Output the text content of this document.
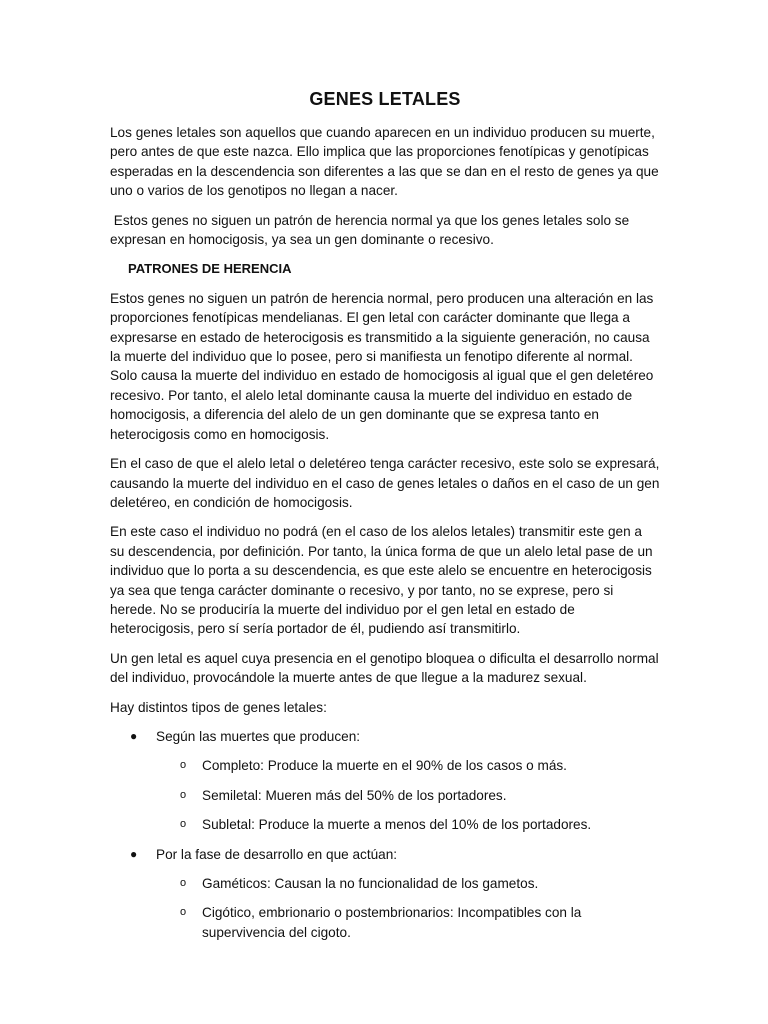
GENES LETALES

Los genes letales son aquellos que cuando aparecen en un individuo producen su muerte, pero antes de que este nazca. Ello implica que las proporciones fenotípicas y genotípicas esperadas en la descendencia son diferentes a las que se dan en el resto de genes ya que uno o varios de los genotipos no llegan a nacer.

Estos genes no siguen un patrón de herencia normal ya que los genes letales solo se expresan en homocigosis, ya sea un gen dominante o recesivo.

PATRONES DE HERENCIA

Estos genes no siguen un patrón de herencia normal, pero producen una alteración en las proporciones fenotípicas mendelianas. El gen letal con carácter dominante que llega a expresarse en estado de heterocigosis es transmitido a la siguiente generación, no causa la muerte del individuo que lo posee, pero si manifiesta un fenotipo diferente al normal. Solo causa la muerte del individuo en estado de homocigosis al igual que el gen deletéreo recesivo. Por tanto, el alelo letal dominante causa la muerte del individuo en estado de homocigosis, a diferencia del alelo de un gen dominante que se expresa tanto en heterocigosis como en homocigosis.

En el caso de que el alelo letal o deletéreo tenga carácter recesivo, este solo se expresará, causando la muerte del individuo en el caso de genes letales o daños en el caso de un gen deletéreo, en condición de homocigosis.

En este caso el individuo no podrá (en el caso de los alelos letales) transmitir este gen a su descendencia, por definición. Por tanto, la única forma de que un alelo letal pase de un individuo que lo porta a su descendencia, es que este alelo se encuentre en heterocigosis ya sea que tenga carácter dominante o recesivo, y por tanto, no se exprese, pero si herede. No se produciría la muerte del individuo por el gen letal en estado de heterocigosis, pero sí sería portador de él, pudiendo así transmitirlo.

Un gen letal es aquel cuya presencia en el genotipo bloquea o dificulta el desarrollo normal del individuo, provocándole la muerte antes de que llegue a la madurez sexual.

Hay distintos tipos de genes letales:

● Según las muertes que producen:
o Completo: Produce la muerte en el 90% de los casos o más.
o Semiletal: Mueren más del 50% de los portadores.
o Subletal: Produce la muerte a menos del 10% de los portadores.
● Por la fase de desarrollo en que actúan:
o Gaméticos: Causan la no funcionalidad de los gametos.
o Cigótico, embrionario o postembrionarios: Incompatibles con la supervivencia del cigoto.
